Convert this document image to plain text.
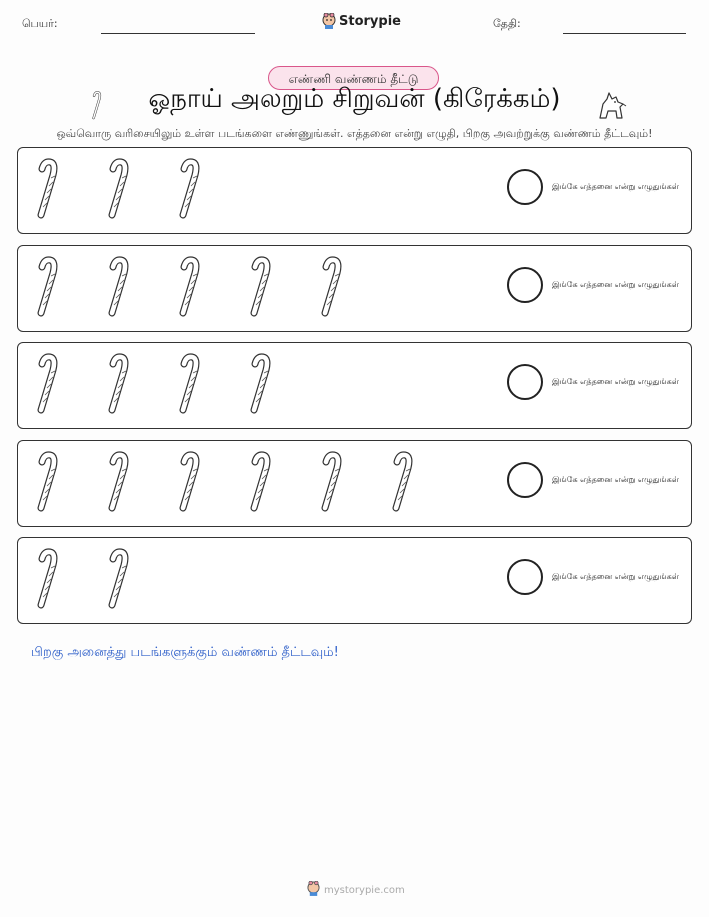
பெயர்:	Storypie	தேதி:
எண்ணி வண்ணம் தீட்டு
ஓநாய் அலறும் சிறுவன் (கிரேக்கம்)
ஒவ்வொரு வரிசையிலும் உள்ள படங்களை எண்ணுங்கள். எத்தனை என்று எழுதி, பிறகு அவற்றுக்கு வண்ணம் தீட்டவும்!
இங்கே எத்தனை என்று எழுதுங்கள்
இங்கே எத்தனை என்று எழுதுங்கள்
இங்கே எத்தனை என்று எழுதுங்கள்
இங்கே எத்தனை என்று எழுதுங்கள்
இங்கே எத்தனை என்று எழுதுங்கள்
பிறகு அனைத்து படங்களுக்கும் வண்ணம் தீட்டவும்!
mystorypie.com
